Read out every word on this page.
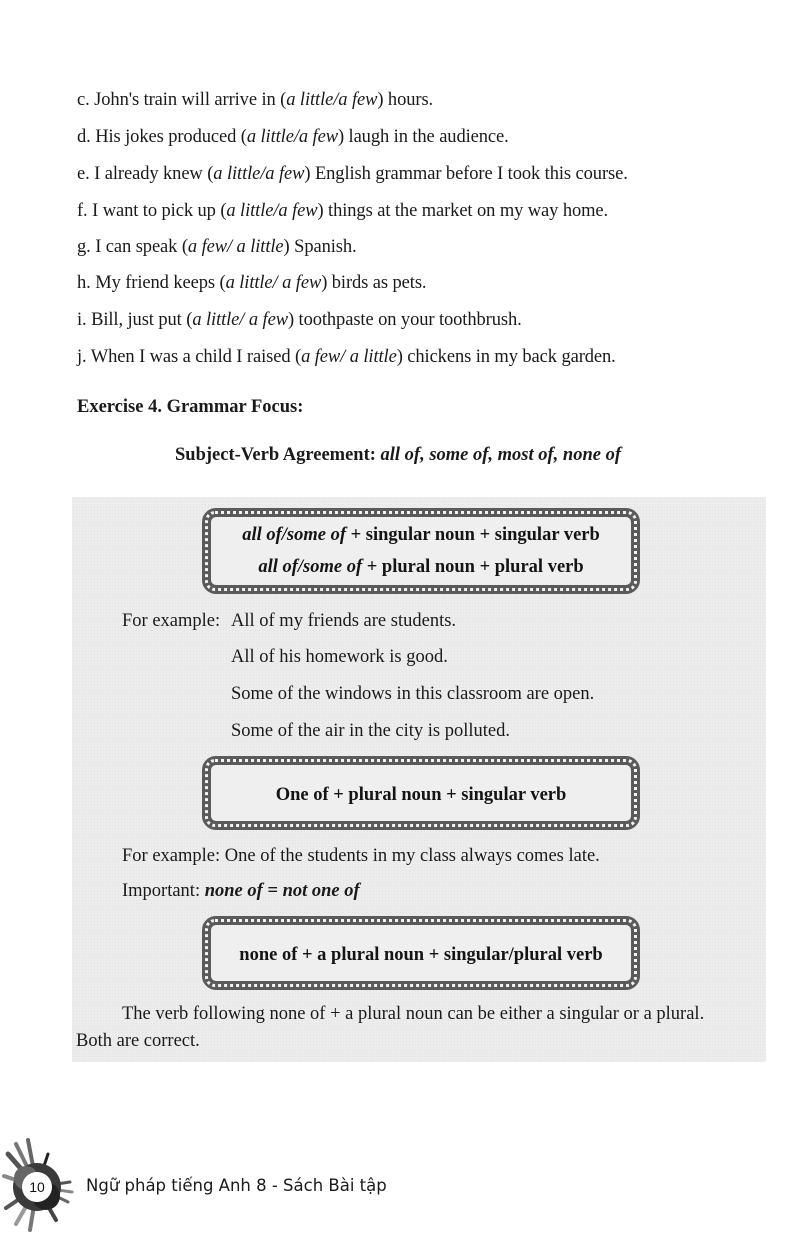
c. John's train will arrive in (a little/a few) hours.
d. His jokes produced (a little/a few) laugh in the audience.
e. I already knew (a little/a few) English grammar before I took this course.
f. I want to pick up (a little/a few) things at the market on my way home.
g. I can speak (a few/ a little) Spanish.
h. My friend keeps (a little/ a few) birds as pets.
i. Bill, just put (a little/ a few) toothpaste on your toothbrush.
j. When I was a child I raised (a few/ a little) chickens in my back garden.
Exercise 4. Grammar Focus:
Subject-Verb Agreement: all of, some of, most of, none of
all of/some of + singular noun + singular verb
all of/some of + plural noun + plural verb
For example: All of my friends are students.
All of his homework is good.
Some of the windows in this classroom are open.
Some of the air in the city is polluted.
One of + plural noun + singular verb
For example: One of the students in my class always comes late.
Important: none of = not one of
none of + a plural noun + singular/plural verb
The verb following none of + a plural noun can be either a singular or a plural.
Both are correct.
10	Ngữ pháp tiếng Anh 8 - Sách Bài tập
